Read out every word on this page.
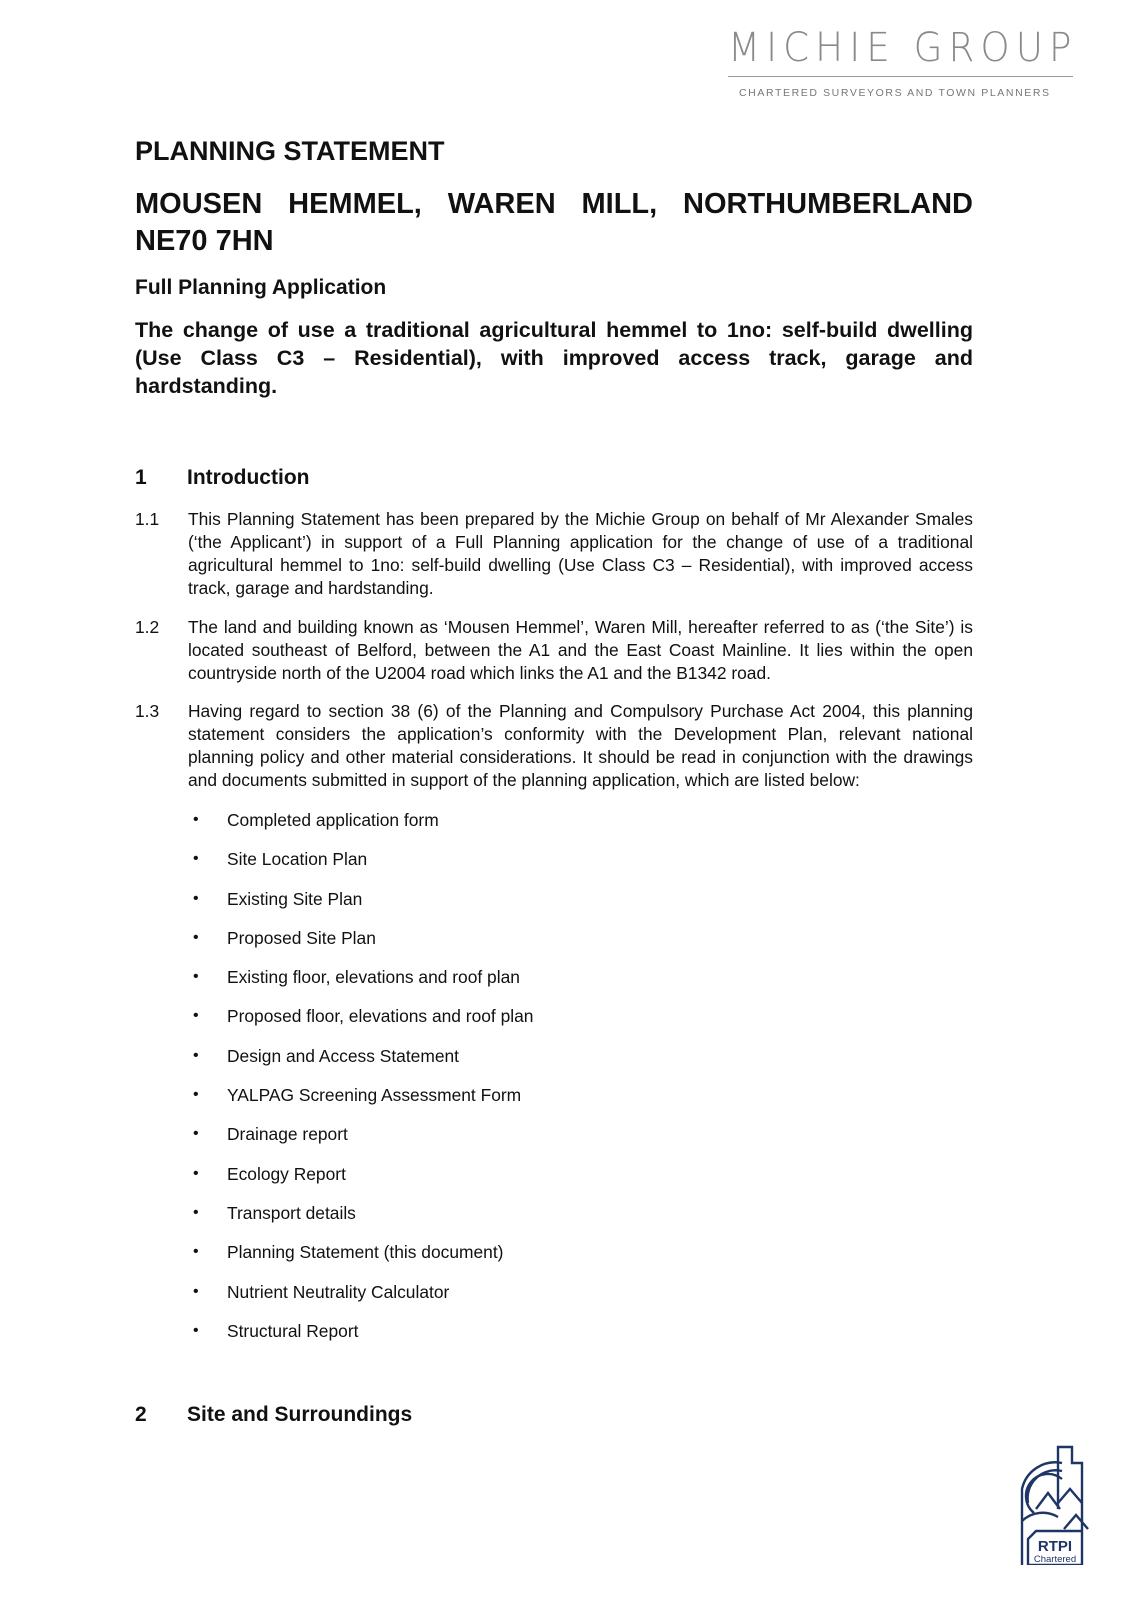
MICHIE GROUP
CHARTERED SURVEYORS AND TOWN PLANNERS
PLANNING STATEMENT
MOUSEN HEMMEL, WAREN MILL, NORTHUMBERLAND NE70 7HN
Full Planning Application
The change of use a traditional agricultural hemmel to 1no: self-build dwelling (Use Class C3 – Residential), with improved access track, garage and hardstanding.
1 Introduction
1.1 This Planning Statement has been prepared by the Michie Group on behalf of Mr Alexander Smales (‘the Applicant’) in support of a Full Planning application for the change of use of a traditional agricultural hemmel to 1no: self-build dwelling (Use Class C3 – Residential), with improved access track, garage and hardstanding.
1.2 The land and building known as ‘Mousen Hemmel’, Waren Mill, hereafter referred to as (‘the Site’) is located southeast of Belford, between the A1 and the East Coast Mainline. It lies within the open countryside north of the U2004 road which links the A1 and the B1342 road.
1.3 Having regard to section 38 (6) of the Planning and Compulsory Purchase Act 2004, this planning statement considers the application’s conformity with the Development Plan, relevant national planning policy and other material considerations. It should be read in conjunction with the drawings and documents submitted in support of the planning application, which are listed below:
•	Completed application form
•	Site Location Plan
•	Existing Site Plan
•	Proposed Site Plan
•	Existing floor, elevations and roof plan
•	Proposed floor, elevations and roof plan
•	Design and Access Statement
•	YALPAG Screening Assessment Form
•	Drainage report
•	Ecology Report
•	Transport details
•	Planning Statement (this document)
•	Nutrient Neutrality Calculator
•	Structural Report
2 Site and Surroundings
RTPI
Chartered
